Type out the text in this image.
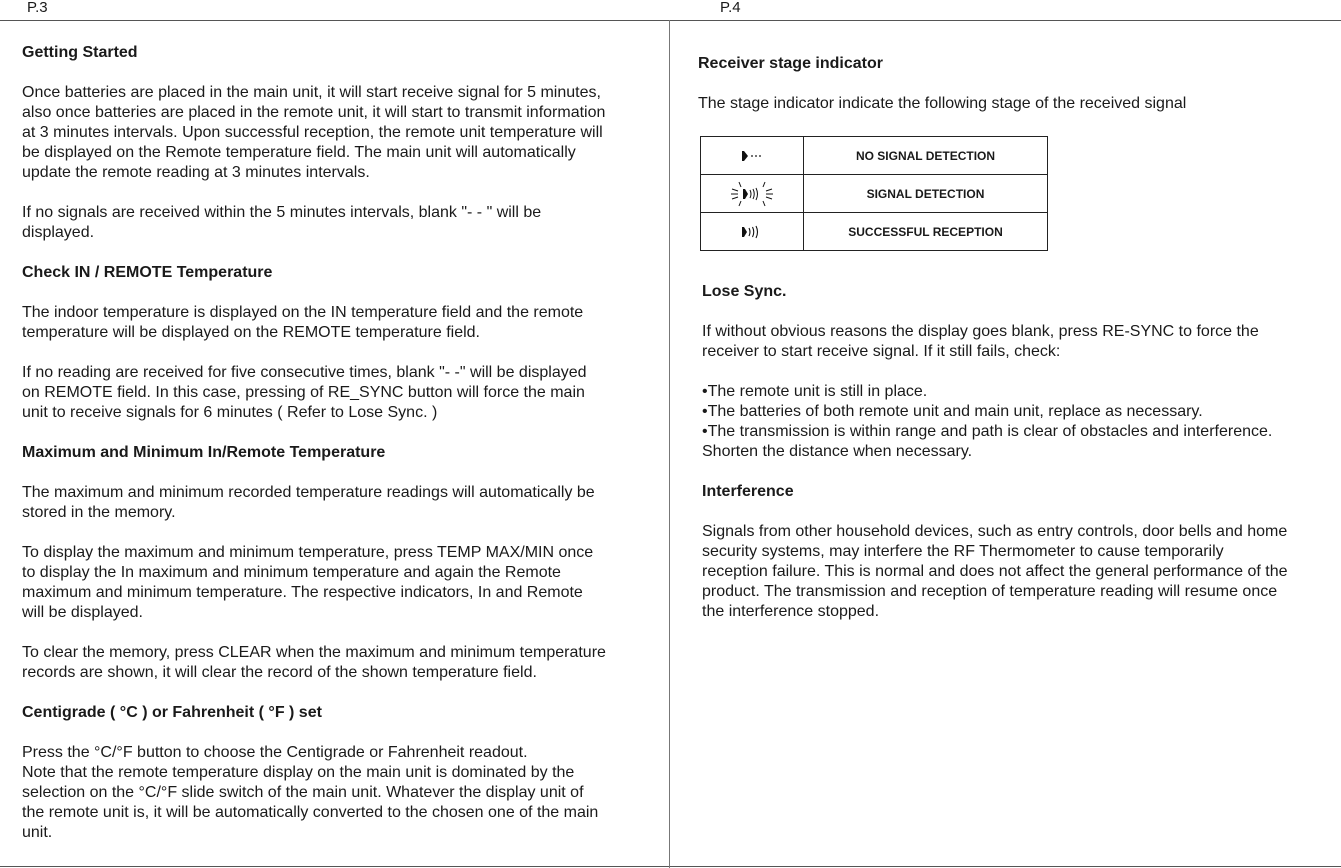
P.3	P.4
Getting Started

Once batteries are placed in the main unit, it will start receive signal for 5 minutes,
also once batteries are placed in the remote unit, it will start to transmit information
at 3 minutes intervals. Upon successful reception, the remote unit temperature will
be displayed on the Remote temperature field. The main unit will automatically
update the remote reading at 3 minutes intervals.

If no signals are received within the 5 minutes intervals, blank "- - " will be
displayed.

Check IN / REMOTE Temperature

The indoor temperature is displayed on the IN temperature field and the remote
temperature will be displayed on the REMOTE temperature field.

If no reading are received for five consecutive times, blank "- -" will be displayed
on REMOTE field. In this case, pressing of RE_SYNC button will force the main
unit to receive signals for 6 minutes ( Refer to Lose Sync. )

Maximum and Minimum In/Remote Temperature

The maximum and minimum recorded temperature readings will automatically be
stored in the memory.

To display the maximum and minimum temperature, press TEMP MAX/MIN once
to display the In maximum and minimum temperature and again the Remote
maximum and minimum temperature. The respective indicators, In and Remote
will be displayed.

To clear the memory, press CLEAR when the maximum and minimum temperature
records are shown, it will clear the record of the shown temperature field.

Centigrade ( °C ) or Fahrenheit ( °F ) set

Press the °C/°F button to choose the Centigrade or Fahrenheit readout.
Note that the remote temperature display on the main unit is dominated by the
selection on the °C/°F slide switch of the main unit. Whatever the display unit of
the remote unit is, it will be automatically converted to the chosen one of the main
unit.

Receiver stage indicator

The stage indicator indicate the following stage of the received signal

	NO SIGNAL DETECTION
	SIGNAL DETECTION
	SUCCESSFUL RECEPTION
Lose Sync.

If without obvious reasons the display goes blank, press RE-SYNC to force the
receiver to start receive signal. If it still fails, check:

•The remote unit is still in place.
•The batteries of both remote unit and main unit, replace as necessary.
•The transmission is within range and path is clear of obstacles and interference.
Shorten the distance when necessary.

Interference

Signals from other household devices, such as entry controls, door bells and home
security systems, may interfere the RF Thermometer to cause temporarily
reception failure. This is normal and does not affect the general performance of the
product. The transmission and reception of temperature reading will resume once
the interference stopped.
